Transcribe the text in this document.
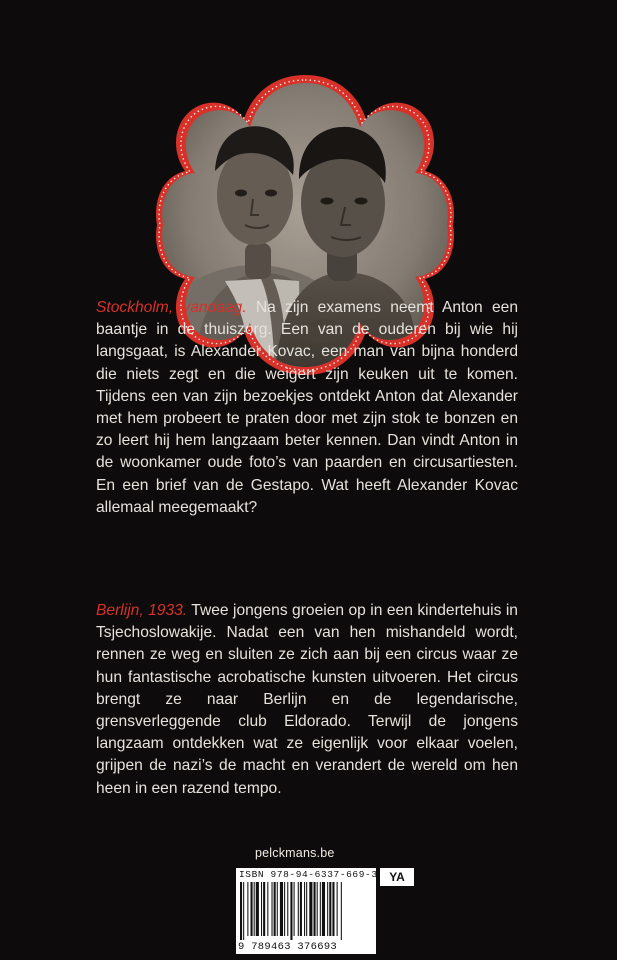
Stockholm, vandaag. Na zijn examens neemt Anton een baantje in de thuiszorg. Een van de ouderen bij wie hij langsgaat, is Alexander Kovac, een man van bijna honderd die niets zegt en die weigert zijn keuken uit te komen. Tijdens een van zijn bezoekjes ontdekt Anton dat Alexander met hem probeert te praten door met zijn stok te bonzen en zo leert hij hem langzaam beter kennen. Dan vindt Anton in de woonkamer oude foto’s van paarden en circusartiesten. En een brief van de Gestapo. Wat heeft Alexander Kovac allemaal meegemaakt?

Berlijn, 1933. Twee jongens groeien op in een kindertehuis in Tsjechoslowakije. Nadat een van hen mishandeld wordt, rennen ze weg en sluiten ze zich aan bij een circus waar ze hun fantastische acrobatische kunsten uitvoeren. Het circus brengt ze naar Berlijn en de legendarische, grensverleggende club Eldorado. Terwijl de jongens langzaam ontdekken wat ze eigenlijk voor elkaar voelen, grijpen de nazi’s de macht en verandert de wereld om hen heen in een razend tempo.

pelckmans.be
ISBN 978-94-6337-669-3
9 789463 376693
YA
